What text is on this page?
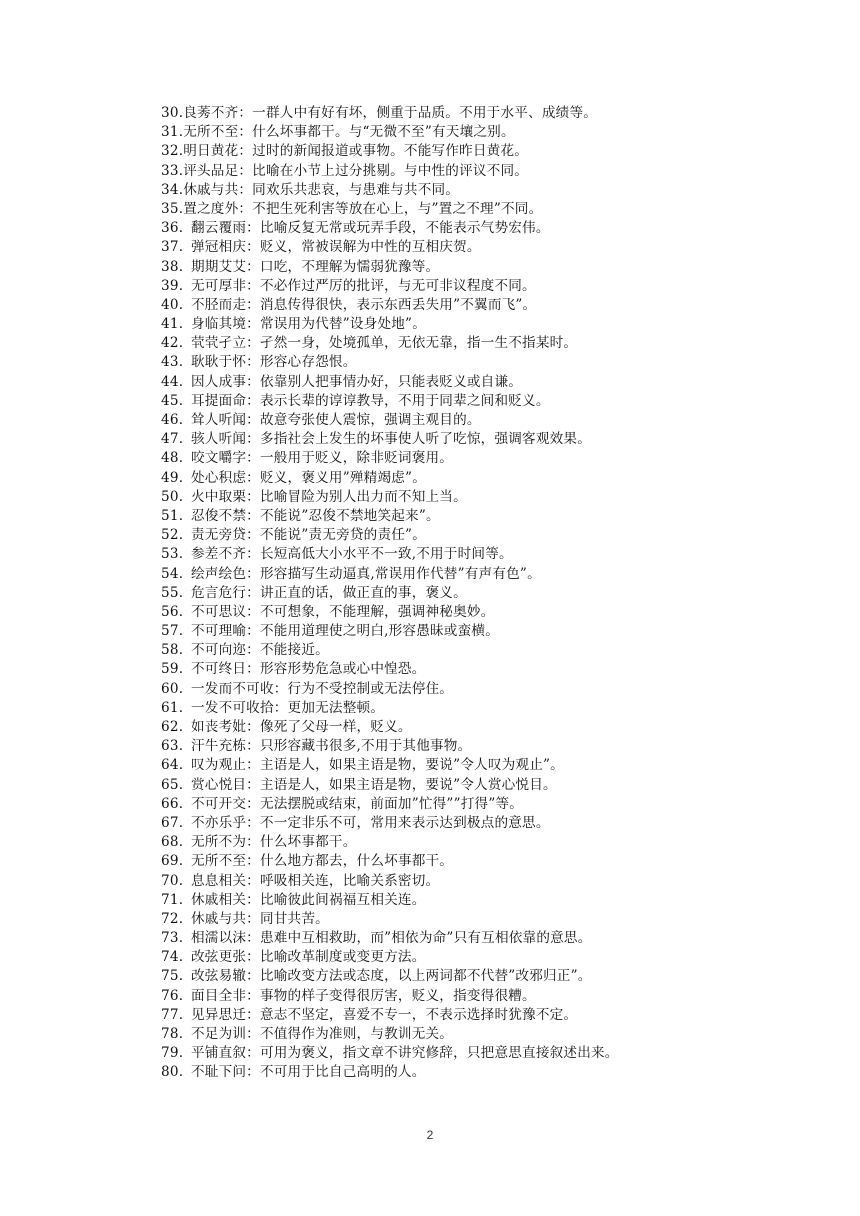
30.良莠不齐：一群人中有好有坏，侧重于品质。不用于水平、成绩等。
31.无所不至：什么坏事都干。与“无微不至”有天壤之别。
32.明日黄花：过时的新闻报道或事物。不能写作昨日黄花。
33.评头品足：比喻在小节上过分挑剔。与中性的评议不同。
34.休戚与共：同欢乐共悲哀，与患难与共不同。
35.置之度外：不把生死利害等放在心上，与”置之不理”不同。
36. 翻云覆雨：比喻反复无常或玩弄手段，不能表示气势宏伟。
37. 弹冠相庆：贬义，常被误解为中性的互相庆贺。
38. 期期艾艾：口吃，不理解为懦弱犹豫等。
39. 无可厚非：不必作过严厉的批评，与无可非议程度不同。
40. 不胫而走：消息传得很快，表示东西丢失用”不翼而飞”。
41. 身临其境：常误用为代替”设身处地”。
42. 茕茕孑立：孑然一身，处境孤单，无依无靠，指一生不指某时。
43. 耿耿于怀：形容心存怨恨。
44. 因人成事：依靠别人把事情办好，只能表贬义或自谦。
45. 耳提面命：表示长辈的谆谆教导，不用于同辈之间和贬义。
46. 耸人听闻：故意夸张使人震惊，强调主观目的。
47. 骇人听闻：多指社会上发生的坏事使人听了吃惊，强调客观效果。
48. 咬文嚼字：一般用于贬义，除非贬词褒用。
49. 处心积虑：贬义，褒义用”殚精竭虑”。
50. 火中取栗：比喻冒险为别人出力而不知上当。
51. 忍俊不禁：不能说”忍俊不禁地笑起来”。
52. 责无旁贷：不能说”责无旁贷的责任”。
53. 参差不齐：长短高低大小水平不一致,不用于时间等。
54. 绘声绘色：形容描写生动逼真,常误用作代替”有声有色”。
55. 危言危行：讲正直的话，做正直的事，褒义。
56. 不可思议：不可想象，不能理解，强调神秘奥妙。
57. 不可理喻：不能用道理使之明白,形容愚昧或蛮横。
58. 不可向迩：不能接近。
59. 不可终日：形容形势危急或心中惶恐。
60. 一发而不可收：行为不受控制或无法停住。
61. 一发不可收拾：更加无法整顿。
62. 如丧考妣：像死了父母一样，贬义。
63. 汗牛充栋：只形容藏书很多,不用于其他事物。
64. 叹为观止：主语是人，如果主语是物，要说”令人叹为观止”。
65. 赏心悦目：主语是人，如果主语是物，要说”令人赏心悦目。
66. 不可开交：无法摆脱或结束，前面加”忙得””打得”等。
67. 不亦乐乎：不一定非乐不可，常用来表示达到极点的意思。
68. 无所不为：什么坏事都干。
69. 无所不至：什么地方都去，什么坏事都干。
70. 息息相关：呼吸相关连，比喻关系密切。
71. 休戚相关：比喻彼此间祸福互相关连。
72. 休戚与共：同甘共苦。
73. 相濡以沫：患难中互相救助，而”相依为命”只有互相依靠的意思。
74. 改弦更张：比喻改革制度或变更方法。
75. 改弦易辙：比喻改变方法或态度，以上两词都不代替”改邪归正”。
76. 面目全非：事物的样子变得很厉害，贬义，指变得很糟。
77. 见异思迁：意志不坚定，喜爱不专一，不表示选择时犹豫不定。
78. 不足为训：不值得作为准则，与教训无关。
79. 平铺直叙：可用为褒义，指文章不讲究修辞，只把意思直接叙述出来。
80. 不耻下问：不可用于比自己高明的人。
2
